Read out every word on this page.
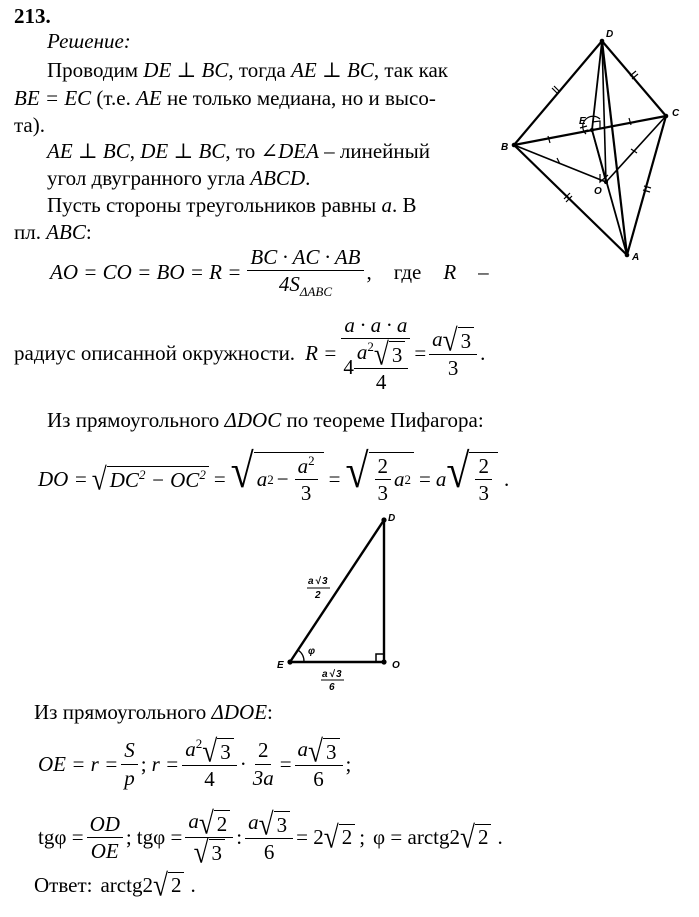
213.
Решение:
Проводим DE ⊥ BC, тогда AE ⊥ BC, так как
BE = EC (т.е. AE не только медиана, но и высо-
та).
AE ⊥ BC, DE ⊥ BC, то ∠DEA – линейный
угол двугранного угла ABCD.
Пусть стороны треугольников равны a. В
пл. ABC:
AO = CO = BO = $R = \frac{BC \cdot AC \cdot AB}{4S_{\Delta ABC}}$ , где R –
радиус описанной окружности. $R = \frac{a \cdot a \cdot a}{4 \frac{a^2 √ 3}{4}} = \frac{a √ 3}{3}$ .
Из прямоугольного ΔDOC по теореме Пифагора:
DO = √ $DC^2 - OC^2$ = √ a $2 - \frac{a^2}{3}$ = √ $\frac{2}{3}$ a 2 = a √ $\frac{2}{3}$ .
D
E	O
φ
a √ 3
2
a √ 3
6
D
C
B
A
E
O
Из прямоугольного ΔDOE:
OE = $r = \frac{S}{p}$ ; $r = \frac{a^2 √ 3}{4} \cdot \frac{2}{3a} = \frac{a √ 3}{6}$ ;
$tg\varphi = \frac{OD}{OE}$ ; $tg\varphi = \frac{a √ 2}{√ 3}$ : $\frac{a √ 3}{6} = 2$ √ 2 ; φ = arctg2 √ 2 .
Ответ: arctg2 √ 2 .
